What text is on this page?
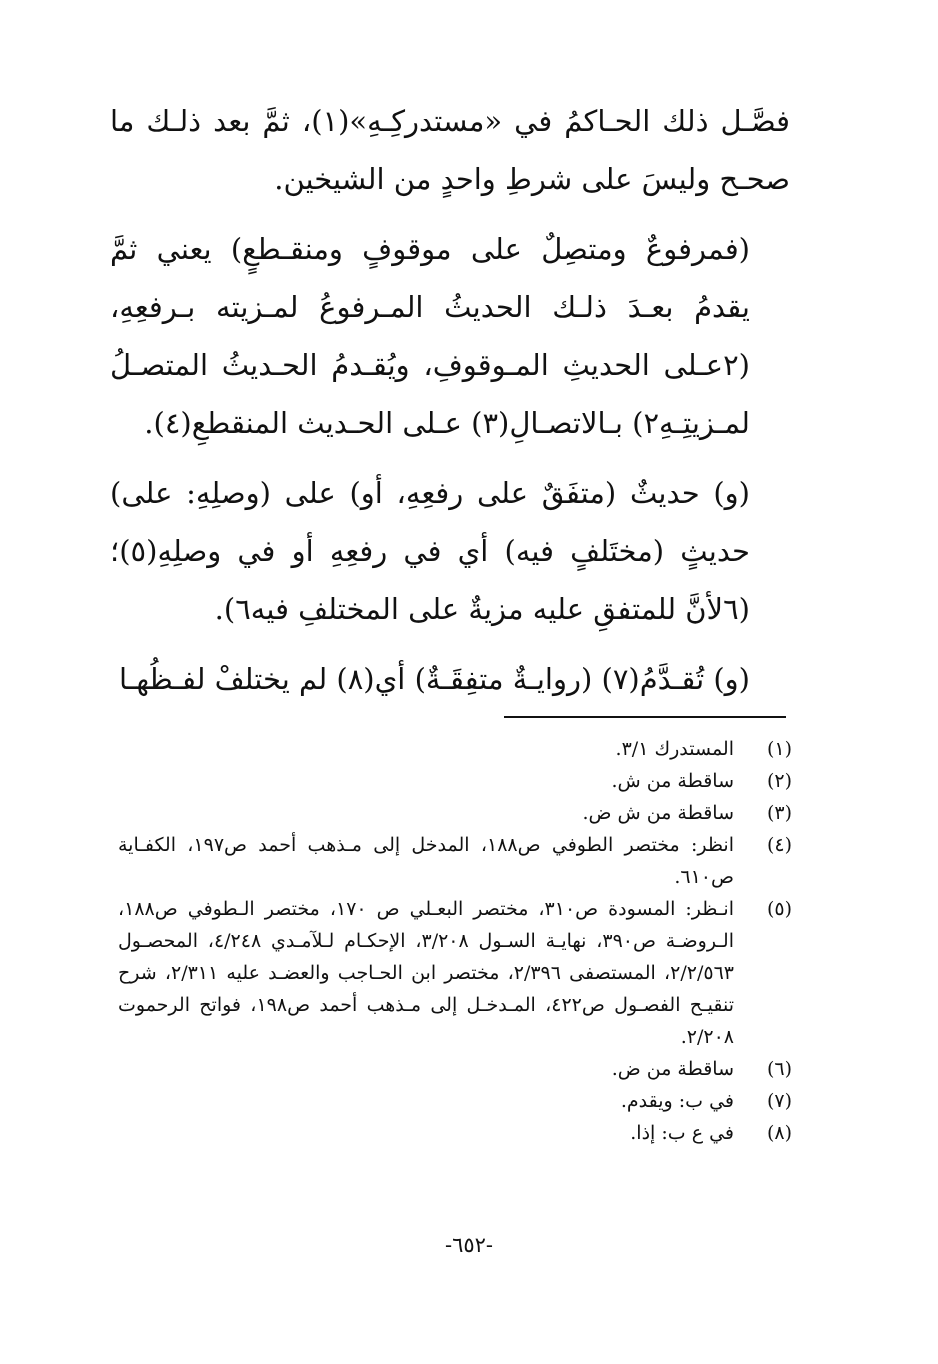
فصَّـل ذلك الحـاكمُ في «مستدركِـهِ»(١)، ثمَّ بعد ذلـك ما صحـح وليسَ على شرطِ واحدٍ من الشيخين.

(فمرفوعٌ ومتصِلٌ على موقوفٍ ومنقـطعٍ) يعني ثمَّ يقدمُ بعـدَ ذلـك الحديثُ المـرفوعُ لمـزيته بـرفعِهِ، (٢عـلى الحديثِ المـوقوفِ، ويُقـدمُ الحـديثُ المتصـلُ لمـزيتِـهِ٢) بـالاتصـالِ(٣) عـلى الحـديث المنقطعِ(٤).

(و) حديثٌ (متفَقٌ على رفعِهِ، أو) على (وصلِهِ: على) حديثٍ (مختَلفٍ فيه) أي في رفعِهِ أو في وصلِهِ(٥)؛ (٦لأنَّ للمتفقِ عليه مزيةٌ على المختلفِ فيه٦).

(و) تُقـدَّمُ(٧) (روايـةٌ متفِقَـةٌ) أي(٨) لم يختلفْ لفـظُهـا

(١)
المستدرك ٣/١.
(٢)
ساقطة من ش.
(٣)
ساقطة من ش ض.
(٤)
انظر: مختصر الطوفي ص١٨٨، المدخل إلى مـذهب أحمد ص١٩٧، الكفـاية ص٦١٠.
(٥)
انـظر: المسودة ص٣١٠، مختصر البعـلي ص ١٧٠، مختصر الـطوفي ص١٨٨، الـروضـة ص٣٩٠، نهايـة السـول ٣/٢٠٨، الإحكـام لـلآمـدي ٤/٢٤٨، المحصـول ٢/٢/٥٦٣، المستصفى ٢/٣٩٦، مختصر ابن الحـاجب والعضـد عليه ٢/٣١١، شرح تنقيـح الفصـول ص٤٢٢، المـدخـل إلى مـذهب أحمد ص١٩٨، فواتح الرحموت ٢/٢٠٨.
(٦)
ساقطة من ض.
(٧)
في ب: ويقدم.
(٨)
في ع ب: إذا.
-٦٥٢-
